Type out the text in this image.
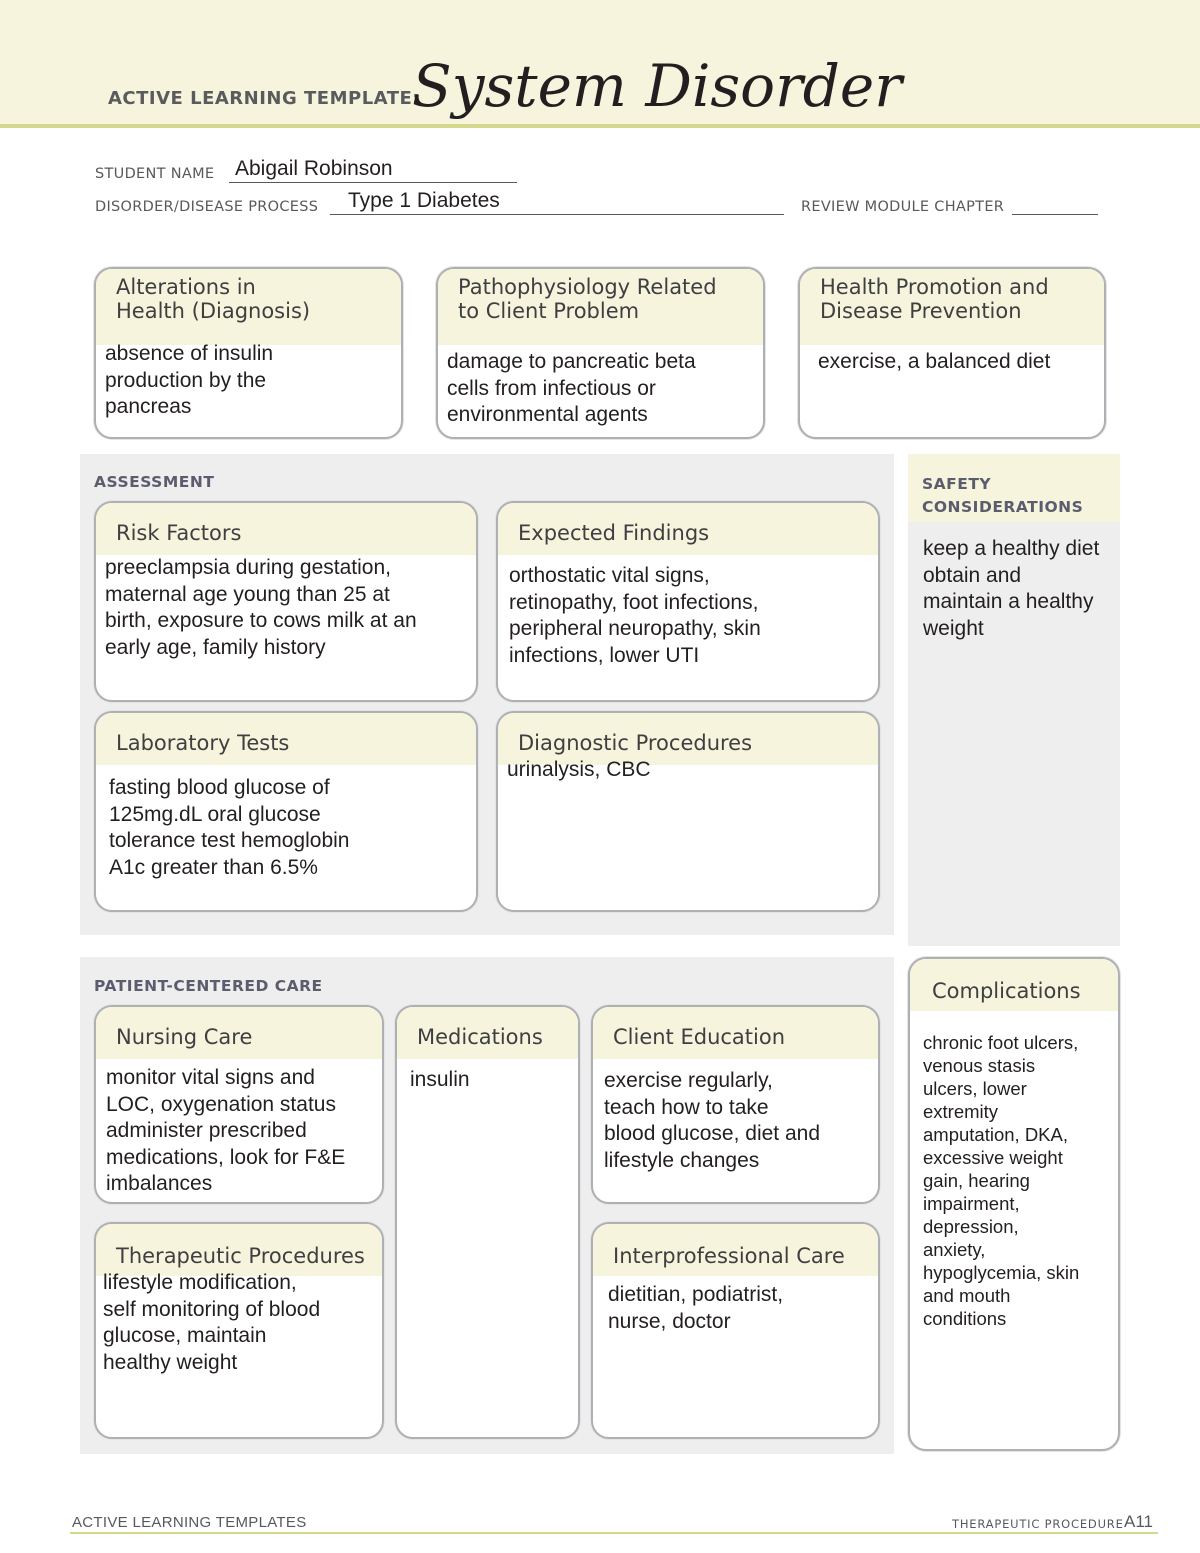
ACTIVE LEARNING TEMPLATE:
System Disorder
STUDENT NAME Abigail Robinson
DISORDER/DISEASE PROCESS Type 1 Diabetes	REVIEW MODULE CHAPTER
Alterations in
Health (Diagnosis)
absence of insulin
production by the
pancreas
Pathophysiology Related
to Client Problem
damage to pancreatic beta
cells from infectious or
environmental agents
Health Promotion and
Disease Prevention
exercise, a balanced diet
ASSESSMENT
Risk Factors
preeclampsia during gestation,
maternal age young than 25 at
birth, exposure to cows milk at an
early age, family history
Expected Findings
orthostatic vital signs,
retinopathy, foot infections,
peripheral neuropathy, skin
infections, lower UTI
Laboratory Tests
fasting blood glucose of
125mg.dL oral glucose
tolerance test hemoglobin
A1c greater than 6.5%
Diagnostic Procedures
urinalysis, CBC
SAFETY
CONSIDERATIONS
keep a healthy diet
obtain and
maintain a healthy
weight
PATIENT-CENTERED CARE
Nursing Care
monitor vital signs and
LOC, oxygenation status
administer prescribed
medications, look for F&E
imbalances
Medications
insulin
Client Education
exercise regularly,
teach how to take
blood glucose, diet and
lifestyle changes
Therapeutic Procedures
lifestyle modification,
self monitoring of blood
glucose, maintain
healthy weight
Interprofessional Care
dietitian, podiatrist,
nurse, doctor
Complications
chronic foot ulcers,
venous stasis
ulcers, lower
extremity
amputation, DKA,
excessive weight
gain, hearing
impairment,
depression,
anxiety,
hypoglycemia, skin
and mouth
conditions
ACTIVE LEARNING TEMPLATES	THERAPEUTIC PROCEDURE A11
